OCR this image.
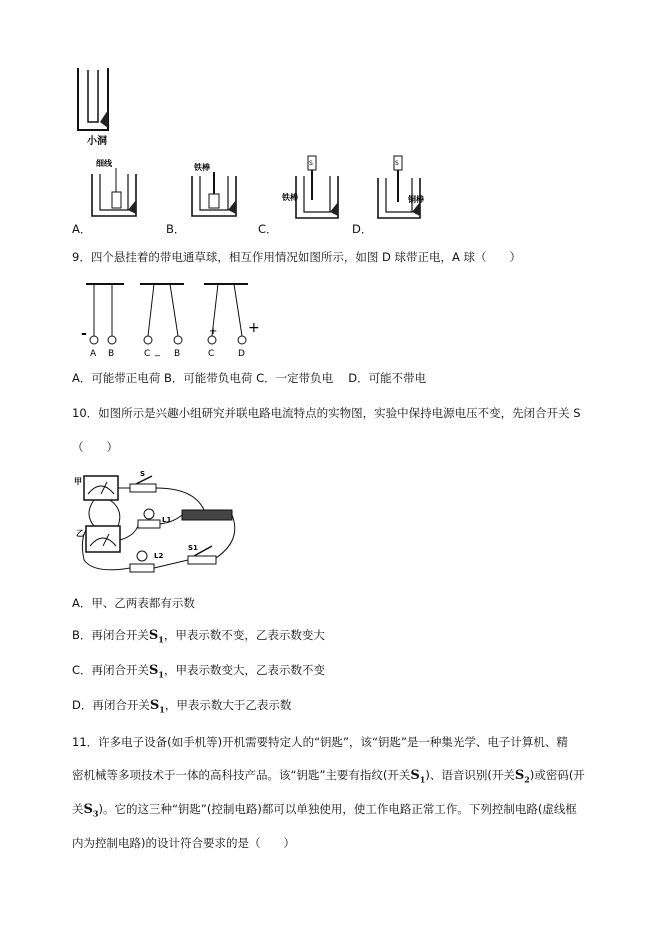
小洞
细线	铁棒	S
铁棒
S
铜棒
A．	B．	C．	D．
9．四个悬挂着的带电通草球，相互作用情况如图所示，如图 D 球带正电，A 球（　　）
-
A B	C _ B
+ +
C	D
A．可能带正电荷 B．可能带负电荷 C．一定带负电　 D．可能不带电
10．如图所示是兴趣小组研究并联电路电流特点的实物图，实验中保持电源电压不变，先闭合开关 S
（　　）
甲
乙
S
L1
L2
S1
A．甲、乙两表都有示数
B．再闭合开关$S_1$，甲表示数不变，乙表示数变大
C．再闭合开关$S_1$，甲表示数变大，乙表示数不变
D．再闭合开关$S_1$，甲表示数大于乙表示数
11．许多电子设备(如手机等)开机需要特定人的“钥匙”，该“钥匙”是一种集光学、电子计算机、精
密机械等多项技术于一体的高科技产品。该“钥匙”主要有指纹(开关$S_1$)、语音识别(开关$S_2$)或密码(开
关$S_3$)。它的这三种“钥匙”(控制电路)都可以单独使用，使工作电路正常工作。下列控制电路(虚线框
内为控制电路)的设计符合要求的是（　　）
